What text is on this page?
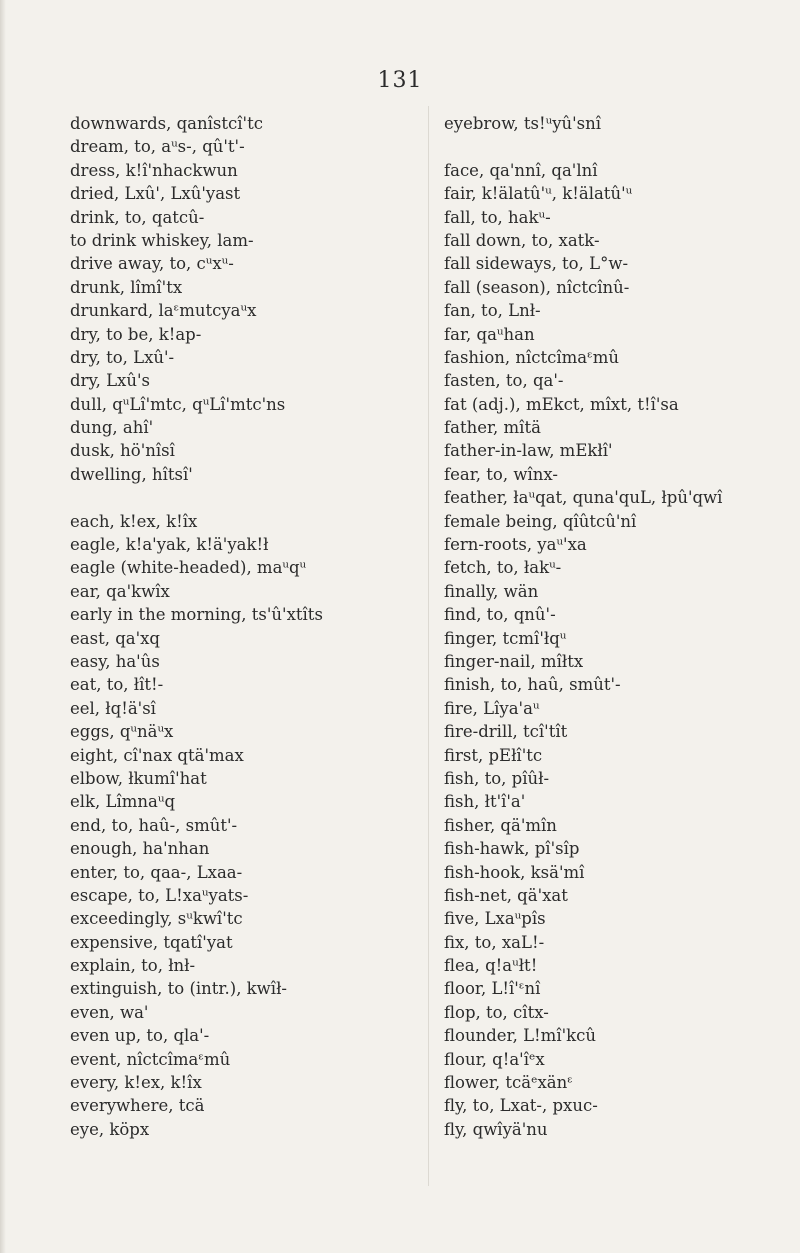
131
downwards, qanîstcî'tc
dream, to, aᵘs-, qû't'-
dress, k!î'nhackwun
dried, Lxû', Lxû'yast
drink, to, qatcû-
to drink whiskey, lam-
drive away, to, cᵘxᵘ-
drunk, lîmî'tx
drunkard, laᵋmutcyaᵘx
dry, to be, k!ap-
dry, to, Lxû'-
dry, Lxû's
dull, qᵘLî'mtc, qᵘLî'mtc'ns
dung, ahî'
dusk, hö'nîsî
dwelling, hîtsî'
each, k!ex, k!îx
eagle, k!a'yak, k!ä'yak!ł
eagle (white-headed), maᵘqᵘ
ear, qa'kwîx
early in the morning, ts'û'xtîts
east, qa'xq
easy, ha'ûs
eat, to, łît!-
eel, łq!ä'sî
eggs, qᵘnäᵘx
eight, cî'nax qtä'max
elbow, łkumî'hat
elk, Lîmnaᵘq
end, to, haû-, smût'-
enough, ha'nhan
enter, to, qaa-, Lxaa-
escape, to, L!xaᵘyats-
exceedingly, sᵘkwî'tc
expensive, tqatî'yat
explain, to, łnł-
extinguish, to (intr.), kwîł-
even, wa'
even up, to, qla'-
event, nîctcîmaᵋmû
every, k!ex, k!îx
everywhere, tcä
eye, köpx
eyebrow, ts!ᵘyû'snî
face, qa'nnî, qa'lnî
fair, k!älatû'ᵘ, k!älatû'ᵘ
fall, to, hakᵘ-
fall down, to, xatk-
fall sideways, to, L°w-
fall (season), nîctcînû-
fan, to, Lnł-
far, qaᵘhan
fashion, nîctcîmaᵋmû
fasten, to, qa'-
fat (adj.), mEkct, mîxt, t!î'sa
father, mîtä
father-in-law, mEkłî'
fear, to, wînx-
feather, łaᵘqat, quna'quL, łpû'qwî
female being, qîûtcû'nî
fern-roots, yaᵘ'xa
fetch, to, łakᵘ-
finally, wän
find, to, qnû'-
finger, tcmî'łqᵘ
finger-nail, mîłtx
finish, to, haû, smût'-
fire, Lîya'aᵘ
fire-drill, tcî'tît
first, pEłî'tc
fish, to, pîûł-
fish, łt'î'a'
fisher, qä'mîn
fish-hawk, pî'sîp
fish-hook, ksä'mî
fish-net, qä'xat
five, Lxaᵘpîs
fix, to, xaL!-
flea, q!aᵘłt!
floor, L!î'ᵋnî
flop, to, cîtx-
flounder, L!mî'kcû
flour, q!a'îᵉx
flower, tcäᵉxänᵋ
fly, to, Lxat-, pxuc-
fly, qwîyä'nu
